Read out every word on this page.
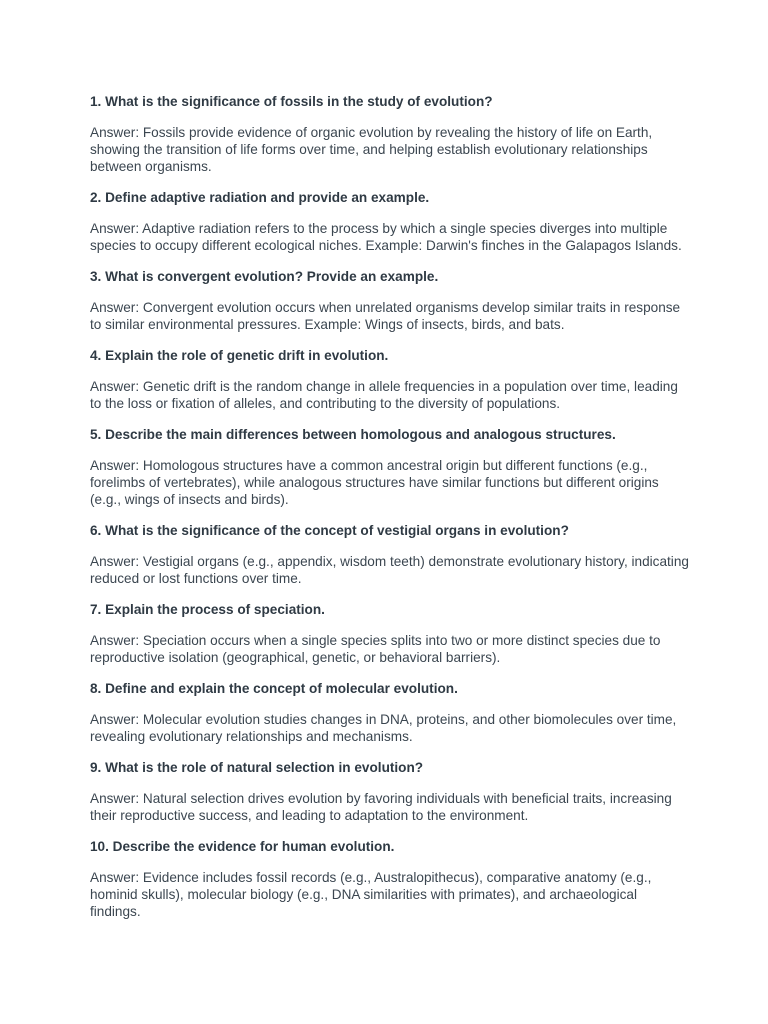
1. What is the significance of fossils in the study of evolution?

Answer: Fossils provide evidence of organic evolution by revealing the history of life on Earth, showing the transition of life forms over time, and helping establish evolutionary relationships between organisms.

2. Define adaptive radiation and provide an example.

Answer: Adaptive radiation refers to the process by which a single species diverges into multiple species to occupy different ecological niches. Example: Darwin's finches in the Galapagos Islands.

3. What is convergent evolution? Provide an example.

Answer: Convergent evolution occurs when unrelated organisms develop similar traits in response to similar environmental pressures. Example: Wings of insects, birds, and bats.

4. Explain the role of genetic drift in evolution.

Answer: Genetic drift is the random change in allele frequencies in a population over time, leading to the loss or fixation of alleles, and contributing to the diversity of populations.

5. Describe the main differences between homologous and analogous structures.

Answer: Homologous structures have a common ancestral origin but different functions (e.g., forelimbs of vertebrates), while analogous structures have similar functions but different origins (e.g., wings of insects and birds).

6. What is the significance of the concept of vestigial organs in evolution?

Answer: Vestigial organs (e.g., appendix, wisdom teeth) demonstrate evolutionary history, indicating reduced or lost functions over time.

7. Explain the process of speciation.

Answer: Speciation occurs when a single species splits into two or more distinct species due to reproductive isolation (geographical, genetic, or behavioral barriers).

8. Define and explain the concept of molecular evolution.

Answer: Molecular evolution studies changes in DNA, proteins, and other biomolecules over time, revealing evolutionary relationships and mechanisms.

9. What is the role of natural selection in evolution?

Answer: Natural selection drives evolution by favoring individuals with beneficial traits, increasing their reproductive success, and leading to adaptation to the environment.

10. Describe the evidence for human evolution.

Answer: Evidence includes fossil records (e.g., Australopithecus), comparative anatomy (e.g., hominid skulls), molecular biology (e.g., DNA similarities with primates), and archaeological findings.
